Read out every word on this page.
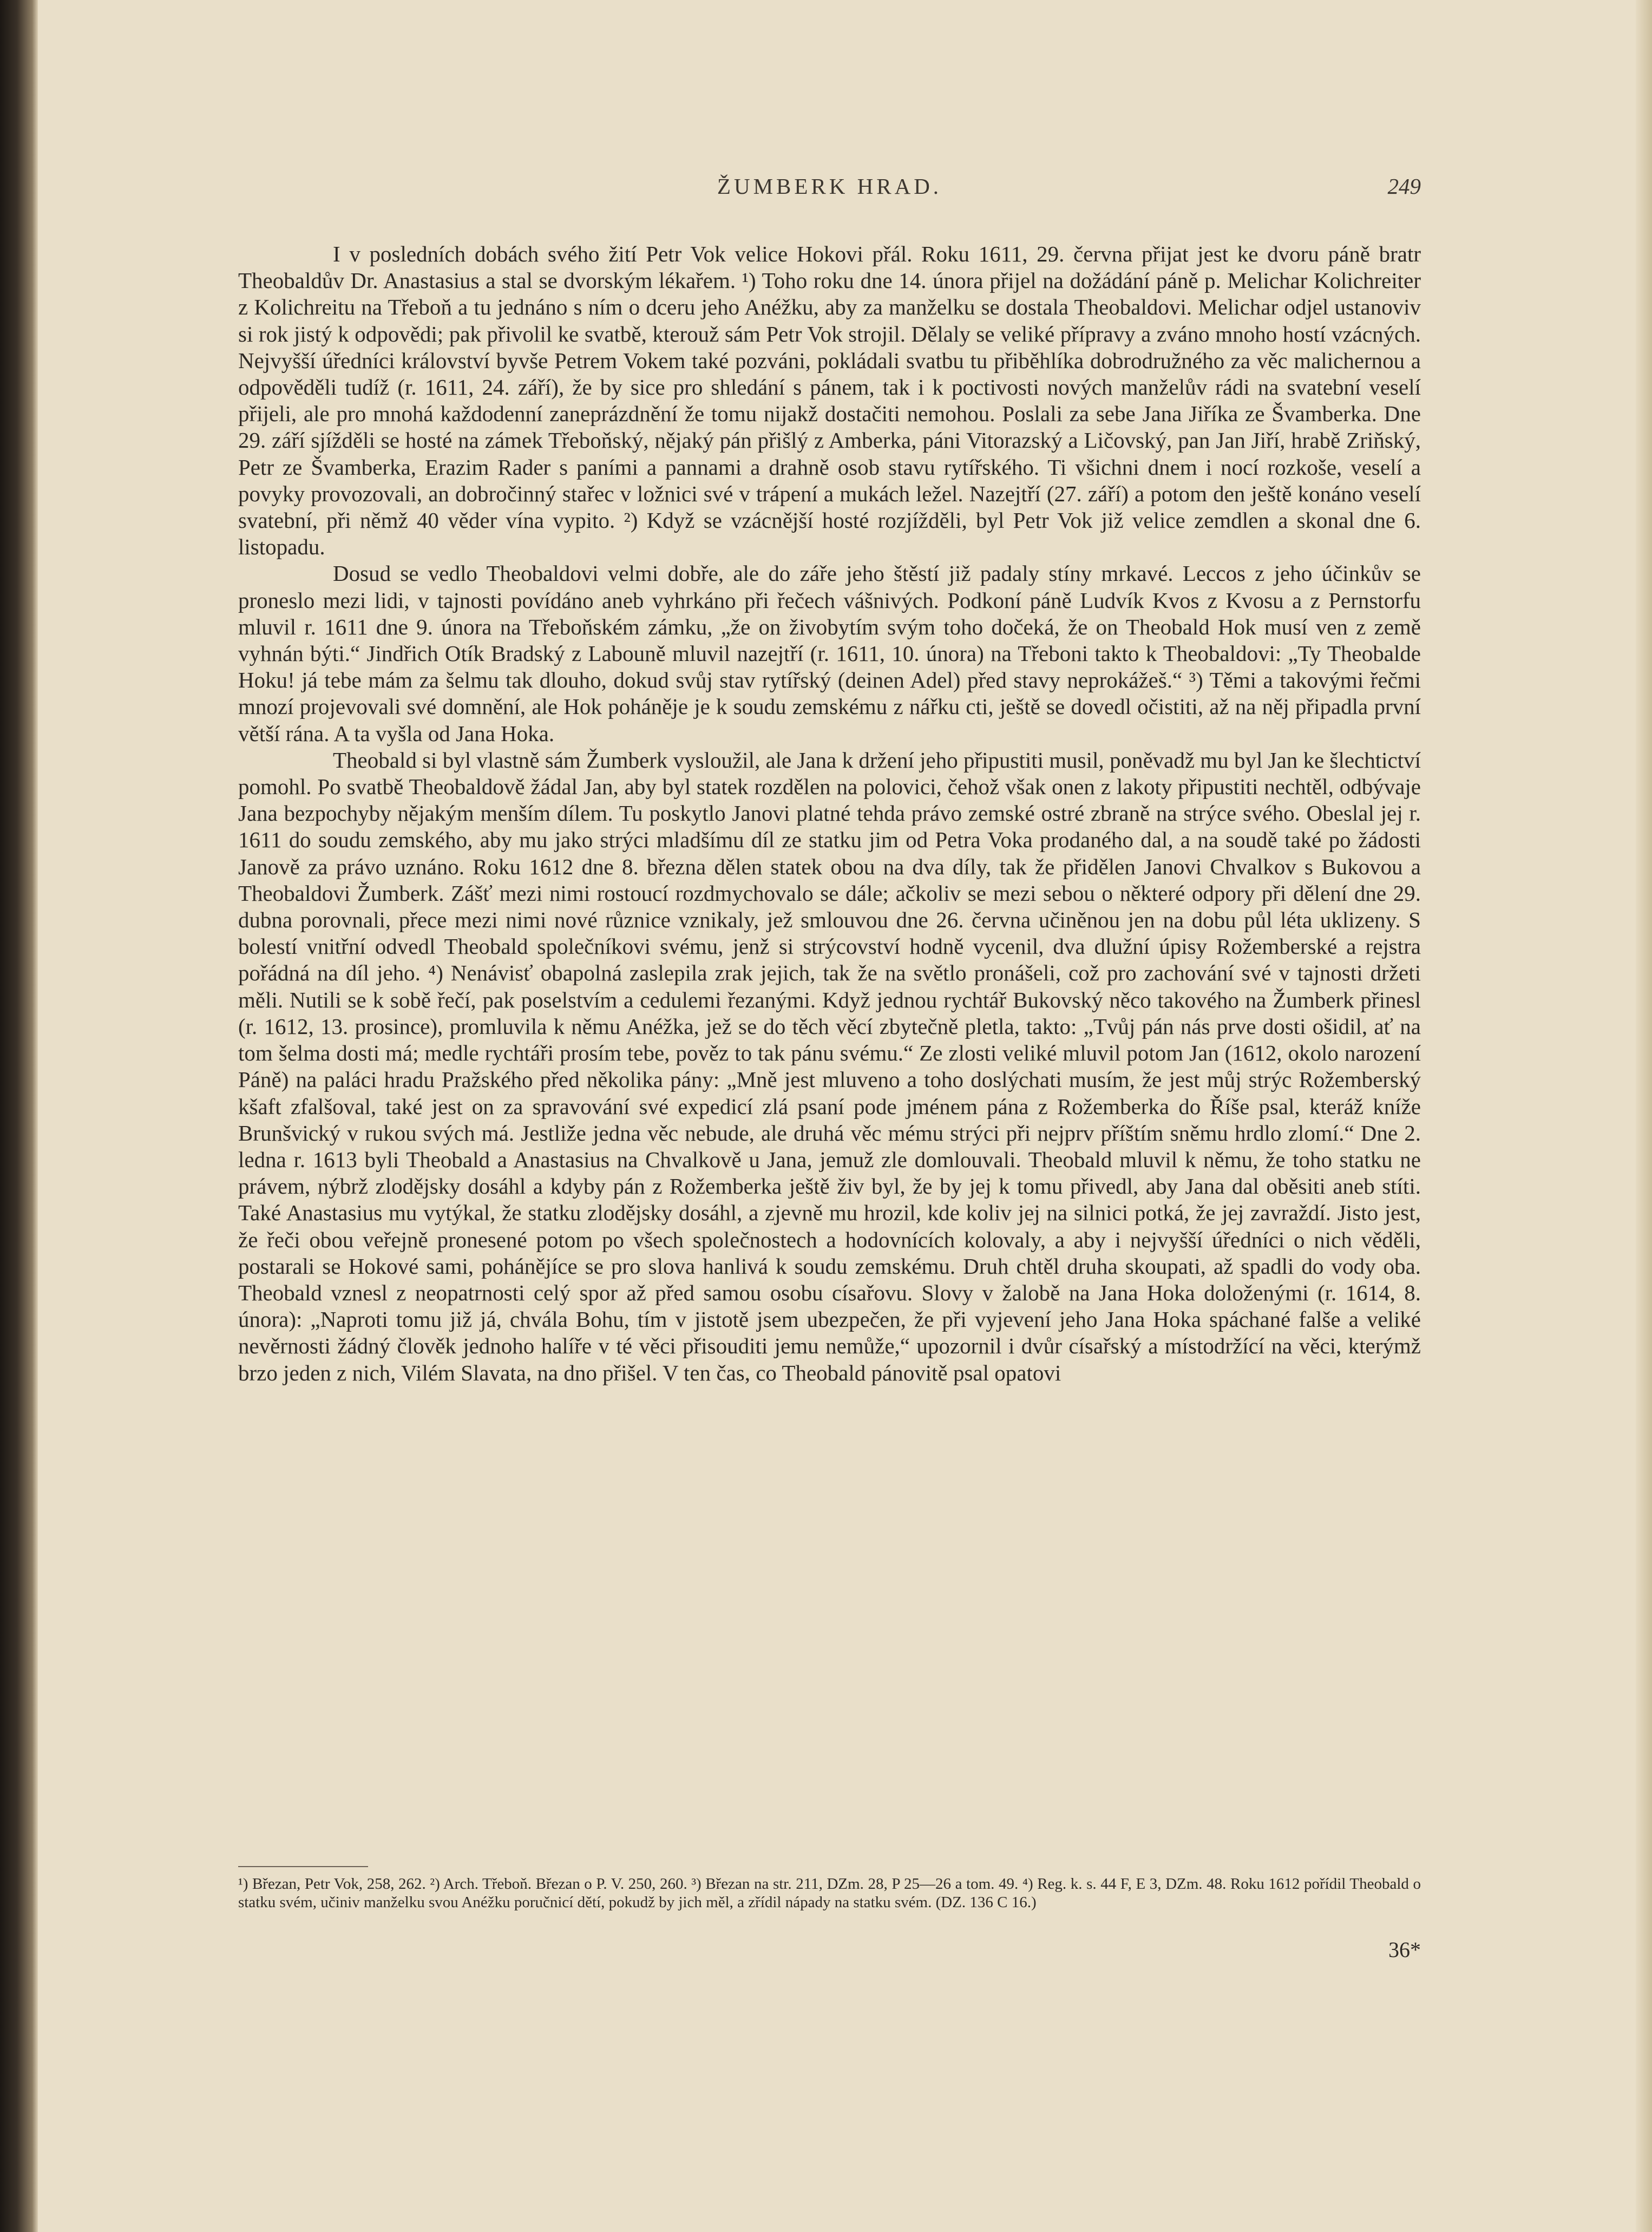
ŽUMBERK HRAD.	249

I v posledních dobách svého žití Petr Vok velice Hokovi přál. Roku 1611, 29. června přijat jest ke dvoru páně bratr Theobaldův Dr. Anastasius a stal se dvorským lékařem. ¹) Toho roku dne 14. února přijel na dožádání páně p. Melichar Kolichreiter z Kolichreitu na Třeboň a tu jednáno s ním o dceru jeho Anéžku, aby za manželku se dostala Theobaldovi. Melichar odjel ustanoviv si rok jistý k odpovědi; pak přivolil ke svatbě, kterouž sám Petr Vok strojil. Dělaly se veliké přípravy a zváno mnoho hostí vzácných. Nejvyšší úředníci království byvše Petrem Vokem také pozváni, pokládali svatbu tu přiběhlíka dobrodružného za věc malichernou a odpověděli tudíž (r. 1611, 24. září), že by sice pro shledání s pánem, tak i k poctivosti nových manželův rádi na svatební veselí přijeli, ale pro mnohá každodenní zaneprázdnění že tomu nijakž dostačiti nemohou. Poslali za sebe Jana Jiříka ze Švamberka. Dne 29. září sjížděli se hosté na zámek Třeboňský, nějaký pán přišlý z Amberka, páni Vitorazský a Ličovský, pan Jan Jiří, hrabě Zriňský, Petr ze Švamberka, Erazim Rader s paními a pannami a drahně osob stavu rytířského. Ti všichni dnem i nocí rozkoše, veselí a povyky provozovali, an dobročinný stařec v ložnici své v trápení a mukách ležel. Nazejtří (27. září) a potom den ještě konáno veselí svatební, při němž 40 věder vína vypito. ²) Když se vzácnější hosté rozjížděli, byl Petr Vok již velice zemdlen a skonal dne 6. listopadu.

Dosud se vedlo Theobaldovi velmi dobře, ale do záře jeho štěstí již padaly stíny mrkavé. Leccos z jeho účinkův se proneslo mezi lidi, v tajnosti povídáno aneb vyhrkáno při řečech vášnivých. Podkoní páně Ludvík Kvos z Kvosu a z Pernstorfu mluvil r. 1611 dne 9. února na Třeboňském zámku, „že on živobytím svým toho dočeká, že on Theobald Hok musí ven z země vyhnán býti.“ Jindřich Otík Bradský z Labouně mluvil nazejtří (r. 1611, 10. února) na Třeboni takto k Theobaldovi: „Ty Theobalde Hoku! já tebe mám za šelmu tak dlouho, dokud svůj stav rytířský (deinen Adel) před stavy neprokážeš.“ ³) Těmi a takovými řečmi mnozí projevovali své domnění, ale Hok poháněje je k soudu zemskému z nářku cti, ještě se dovedl očistiti, až na něj připadla první větší rána. A ta vyšla od Jana Hoka.

Theobald si byl vlastně sám Žumberk vysloužil, ale Jana k držení jeho připustiti musil, poněvadž mu byl Jan ke šlechtictví pomohl. Po svatbě Theobaldově žádal Jan, aby byl statek rozdělen na polovici, čehož však onen z lakoty připustiti nechtěl, odbývaje Jana bezpochyby nějakým menším dílem. Tu poskytlo Janovi platné tehda právo zemské ostré zbraně na strýce svého. Obeslal jej r. 1611 do soudu zemského, aby mu jako strýci mladšímu díl ze statku jim od Petra Voka prodaného dal, a na soudě také po žádosti Janově za právo uznáno. Roku 1612 dne 8. března dělen statek obou na dva díly, tak že přidělen Janovi Chvalkov s Bukovou a Theobaldovi Žumberk. Zášť mezi nimi rostoucí rozdmychovalo se dále; ačkoliv se mezi sebou o některé odpory při dělení dne 29. dubna porovnali, přece mezi nimi nové různice vznikaly, jež smlouvou dne 26. června učiněnou jen na dobu půl léta uklizeny. S bolestí vnitřní odvedl Theobald společníkovi svému, jenž si strýcovství hodně vycenil, dva dlužní úpisy Rožemberské a rejstra pořádná na díl jeho. ⁴) Nenávisť obapolná zaslepila zrak jejich, tak že na světlo pronášeli, což pro zachování své v tajnosti držeti měli. Nutili se k sobě řečí, pak poselstvím a cedulemi řezanými. Když jednou rychtář Bukovský něco takového na Žumberk přinesl (r. 1612, 13. prosince), promluvila k němu Anéžka, jež se do těch věcí zbytečně pletla, takto: „Tvůj pán nás prve dosti ošidil, ať na tom šelma dosti má; medle rychtáři prosím tebe, pověz to tak pánu svému.“ Ze zlosti veliké mluvil potom Jan (1612, okolo narození Páně) na paláci hradu Pražského před několika pány: „Mně jest mluveno a toho doslýchati musím, že jest můj strýc Rožemberský kšaft zfalšoval, také jest on za spravování své expedicí zlá psaní pode jménem pána z Rožemberka do Říše psal, kteráž kníže Brunšvický v rukou svých má. Jestliže jedna věc nebude, ale druhá věc mému strýci při nejprv příštím sněmu hrdlo zlomí.“ Dne 2. ledna r. 1613 byli Theobald a Anastasius na Chvalkově u Jana, jemuž zle domlouvali. Theobald mluvil k němu, že toho statku ne právem, nýbrž zlodějsky dosáhl a kdyby pán z Rožemberka ještě živ byl, že by jej k tomu přivedl, aby Jana dal oběsiti aneb stíti. Také Anastasius mu vytýkal, že statku zlodějsky dosáhl, a zjevně mu hrozil, kde koliv jej na silnici potká, že jej zavraždí. Jisto jest, že řeči obou veřejně pronesené potom po všech společnostech a hodovnících kolovaly, a aby i nejvyšší úředníci o nich věděli, postarali se Hokové sami, pohánějíce se pro slova hanlivá k soudu zemskému. Druh chtěl druha skoupati, až spadli do vody oba. Theobald vznesl z neopatrnosti celý spor až před samou osobu císařovu. Slovy v žalobě na Jana Hoka doloženými (r. 1614, 8. února): „Naproti tomu již já, chvála Bohu, tím v jistotě jsem ubezpečen, že při vyjevení jeho Jana Hoka spáchané falše a veliké nevěrnosti žádný člověk jednoho halíře v té věci přisouditi jemu nemůže,“ upozornil i dvůr císařský a místodržící na věci, kterýmž brzo jeden z nich, Vilém Slavata, na dno přišel. V ten čas, co Theobald pánovitě psal opatovi

¹) Březan, Petr Vok, 258, 262. ²) Arch. Třeboň. Březan o P. V. 250, 260. ³) Březan na str. 211, DZm. 28, P 25—26 a tom. 49. ⁴) Reg. k. s. 44 F, E 3, DZm. 48. Roku 1612 pořídil Theobald o statku svém, učiniv manželku svou Anéžku poručnicí dětí, pokudž by jich měl, a zřídil nápady na statku svém. (DZ. 136 C 16.)

36*
